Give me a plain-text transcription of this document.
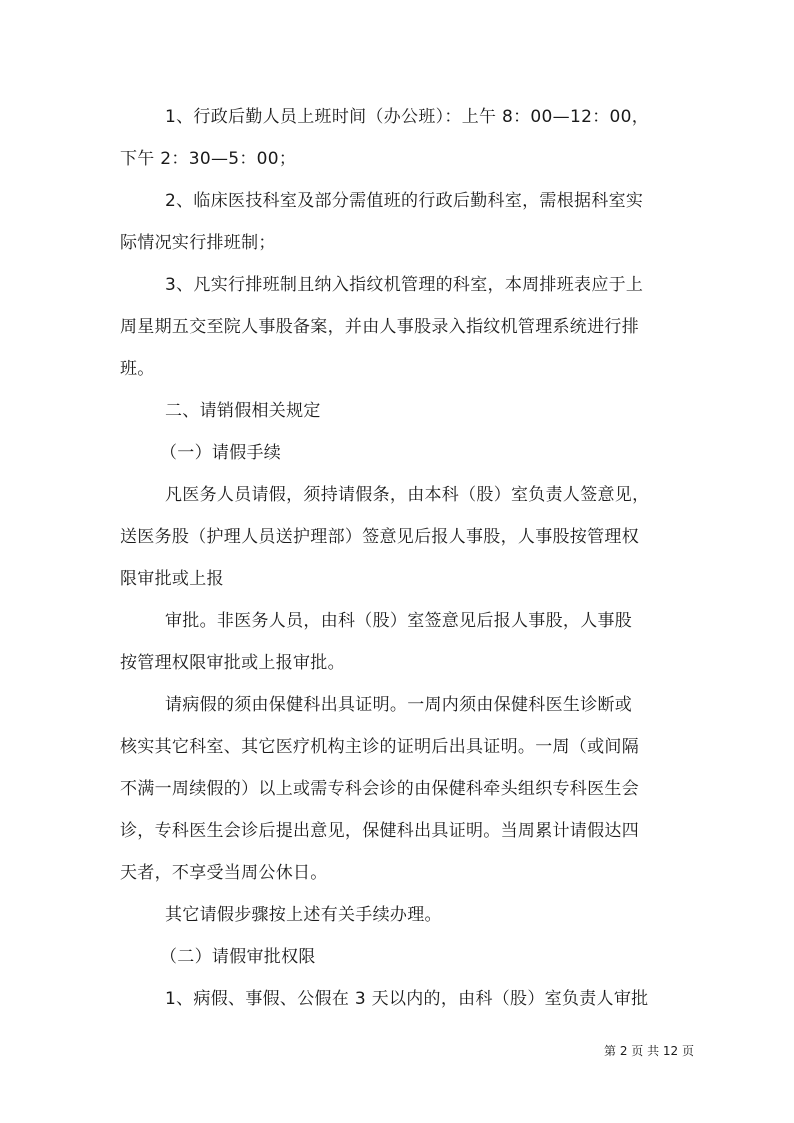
1、行政后勤人员上班时间（办公班）：上午 8：00—12：00，
下午 2：30—5：00；
2、临床医技科室及部分需值班的行政后勤科室，需根据科室实
际情况实行排班制；
3、凡实行排班制且纳入指纹机管理的科室，本周排班表应于上
周星期五交至院人事股备案，并由人事股录入指纹机管理系统进行排
班。
二、请销假相关规定
（一）请假手续
凡医务人员请假，须持请假条，由本科（股）室负责人签意见，
送医务股（护理人员送护理部）签意见后报人事股，人事股按管理权
限审批或上报
审批。非医务人员，由科（股）室签意见后报人事股，人事股
按管理权限审批或上报审批。
请病假的须由保健科出具证明。一周内须由保健科医生诊断或
核实其它科室、其它医疗机构主诊的证明后出具证明。一周（或间隔
不满一周续假的）以上或需专科会诊的由保健科牵头组织专科医生会
诊，专科医生会诊后提出意见，保健科出具证明。当周累计请假达四
天者，不享受当周公休日。
其它请假步骤按上述有关手续办理。
（二）请假审批权限
1、病假、事假、公假在 3 天以内的，由科（股）室负责人审批
第 2 页 共 12 页
